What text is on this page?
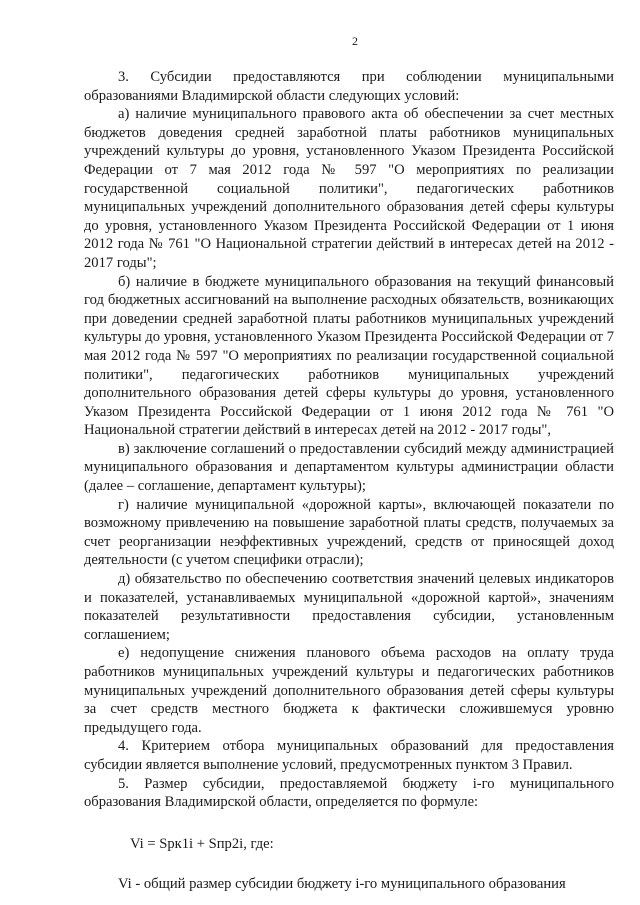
2

3. Субсидии предоставляются при соблюдении муниципальными образованиями Владимирской области следующих условий:

а) наличие муниципального правового акта об обеспечении за счет местных бюджетов доведения средней заработной платы работников муниципальных учреждений культуры до уровня, установленного Указом Президента Российской Федерации от 7 мая 2012 года № 597 "О мероприятиях по реализации государственной социальной политики", педагогических работников муниципальных учреждений дополнительного образования детей сферы культуры до уровня, установленного Указом Президента Российской Федерации от 1 июня 2012 года № 761 "О Национальной стратегии действий в интересах детей на 2012 - 2017 годы";

б) наличие в бюджете муниципального образования на текущий финансовый год бюджетных ассигнований на выполнение расходных обязательств, возникающих при доведении средней заработной платы работников муниципальных учреждений культуры до уровня, установленного Указом Президента Российской Федерации от 7 мая 2012 года № 597 "О мероприятиях по реализации государственной социальной политики", педагогических работников муниципальных учреждений дополнительного образования детей сферы культуры до уровня, установленного Указом Президента Российской Федерации от 1 июня 2012 года № 761 "О Национальной стратегии действий в интересах детей на 2012 - 2017 годы",

в) заключение соглашений о предоставлении субсидий между администрацией муниципального образования и департаментом культуры администрации области (далее – соглашение, департамент культуры);

г) наличие муниципальной «дорожной карты», включающей показатели по возможному привлечению на повышение заработной платы средств, получаемых за счет реорганизации неэффективных учреждений, средств от приносящей доход деятельности (с учетом специфики отрасли);

д) обязательство по обеспечению соответствия значений целевых индикаторов и показателей, устанавливаемых муниципальной «дорожной картой», значениям показателей результативности предоставления субсидии, установленным соглашением;

е) недопущение снижения планового объема расходов на оплату труда работников муниципальных учреждений культуры и педагогических работников муниципальных учреждений дополнительного образования детей сферы культуры за счет средств местного бюджета к фактически сложившемуся уровню предыдущего года.

4. Критерием отбора муниципальных образований для предоставления субсидии является выполнение условий, предусмотренных пунктом 3 Правил.

5. Размер субсидии, предоставляемой бюджету i-го муниципального образования Владимирской области, определяется по формуле:

Vi = Sрк1i + Sпр2i, где:

Vi - общий размер субсидии бюджету i-го муниципального образования
